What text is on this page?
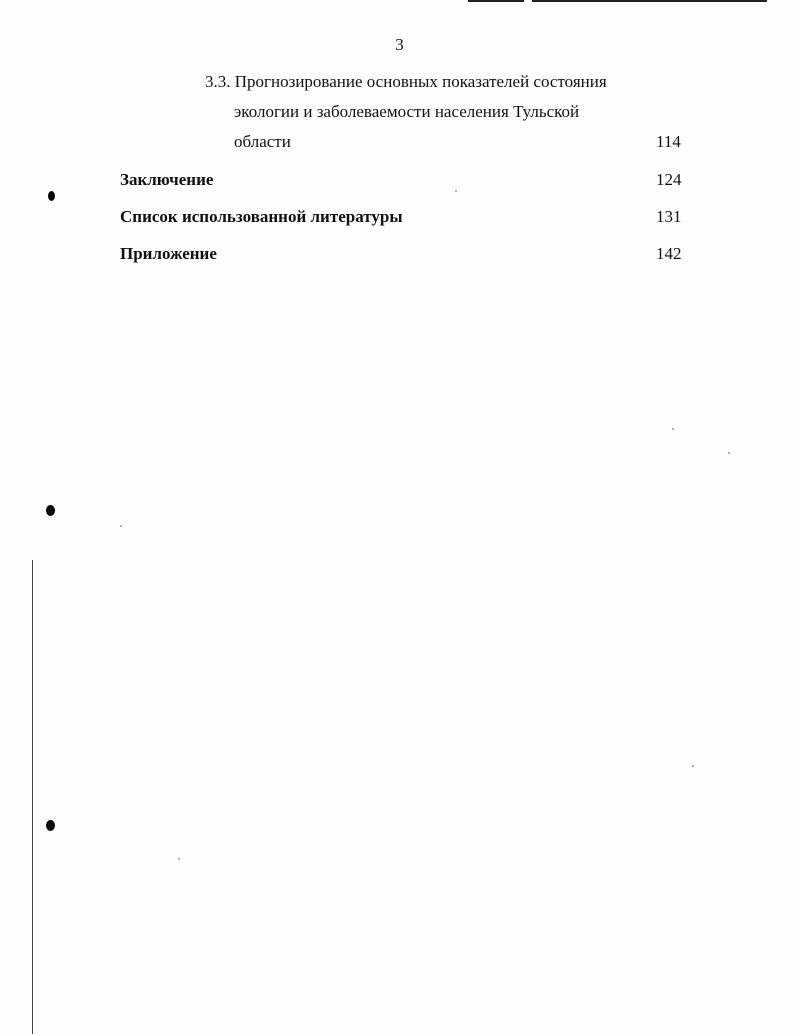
3
3.3. Прогнозирование основных показателей состояния
экологии и заболеваемости населения Тульской
области	114
Заключение	124
Список использованной литературы	131
Приложение	142
